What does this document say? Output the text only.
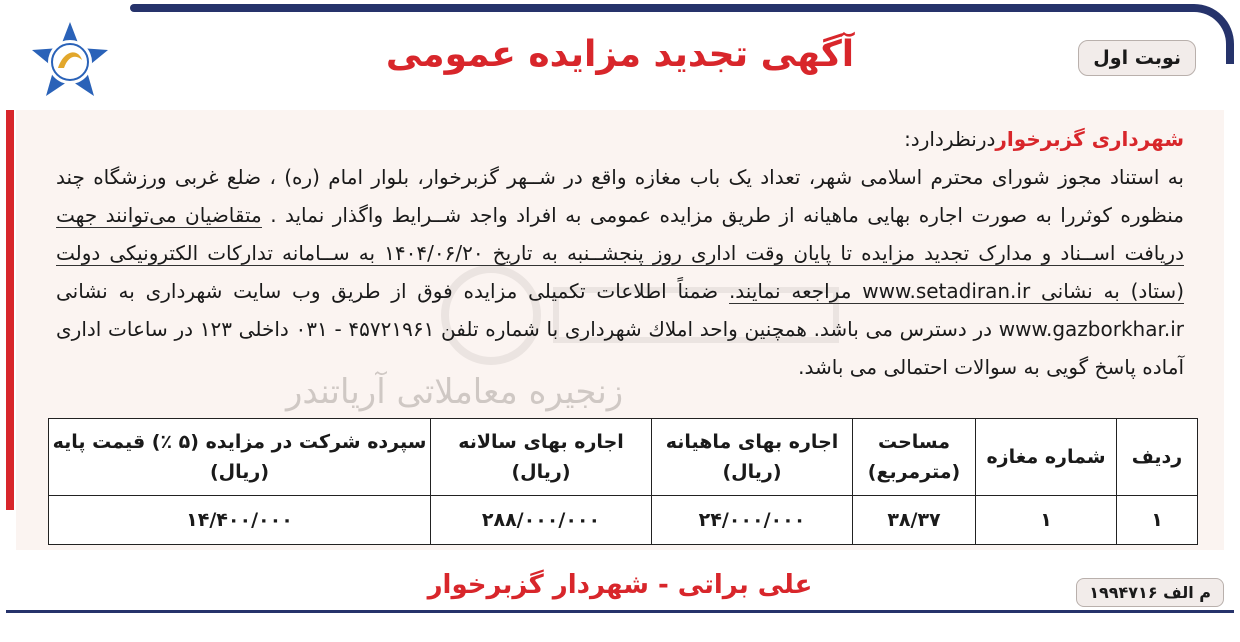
آگهی تجدید مزایده عمومی	نوبت اول
زنجیره معاملاتی آریاتندر
شهرداری گزبرخواردرنظردارد:
به استناد مجوز شورای محترم اسلامی شهر، تعداد یک باب مغازه واقع در شــهر گزبرخوار، بلوار امام (ره) ، ضلع غربی ورزشگاه چند منظوره کوثررا به صورت اجاره بهایی ماهیانه از طریق مزایده عمومی به افراد واجد شــرایط واگذار نماید . متقاضیان می‌توانند جهت دریافت اســناد و مدارک تجدید مزایده تا پایان وقت اداری روز پنجشــنبه به تاریخ ۱۴۰۴/۰۶/۲۰ به ســامانه تدارکات الکترونیکی دولت (ستاد) به نشانی www.setadiran.ir مراجعه نمایند. ضمناً اطلاعات تکمیلی مزایده فوق از طریق وب سایت شهرداری به نشانی www.gazborkhar.ir در دسترس می باشد. همچنین واحد املاك شهرداری با شماره تلفن ۴۵۷۲۱۹۶۱ - ۰۳۱ داخلی ۱۲۳ در ساعات اداری آماده پاسخ گویی به سوالات احتمالی می باشد.
ردیف	شماره مغازه	مساحت (مترمربع)	اجاره بهای ماهیانه (ریال)	اجاره بهای سالانه (ریال)	سپرده شرکت در مزایده (۵ ٪) قیمت پایه (ریال)
۱	۱	۳۸/۳۷	۲۴/۰۰۰/۰۰۰	۲۸۸/۰۰۰/۰۰۰	۱۴/۴۰۰/۰۰۰
علی براتی - شهردار گزبرخوار	م الف ۱۹۹۴۷۱۶
